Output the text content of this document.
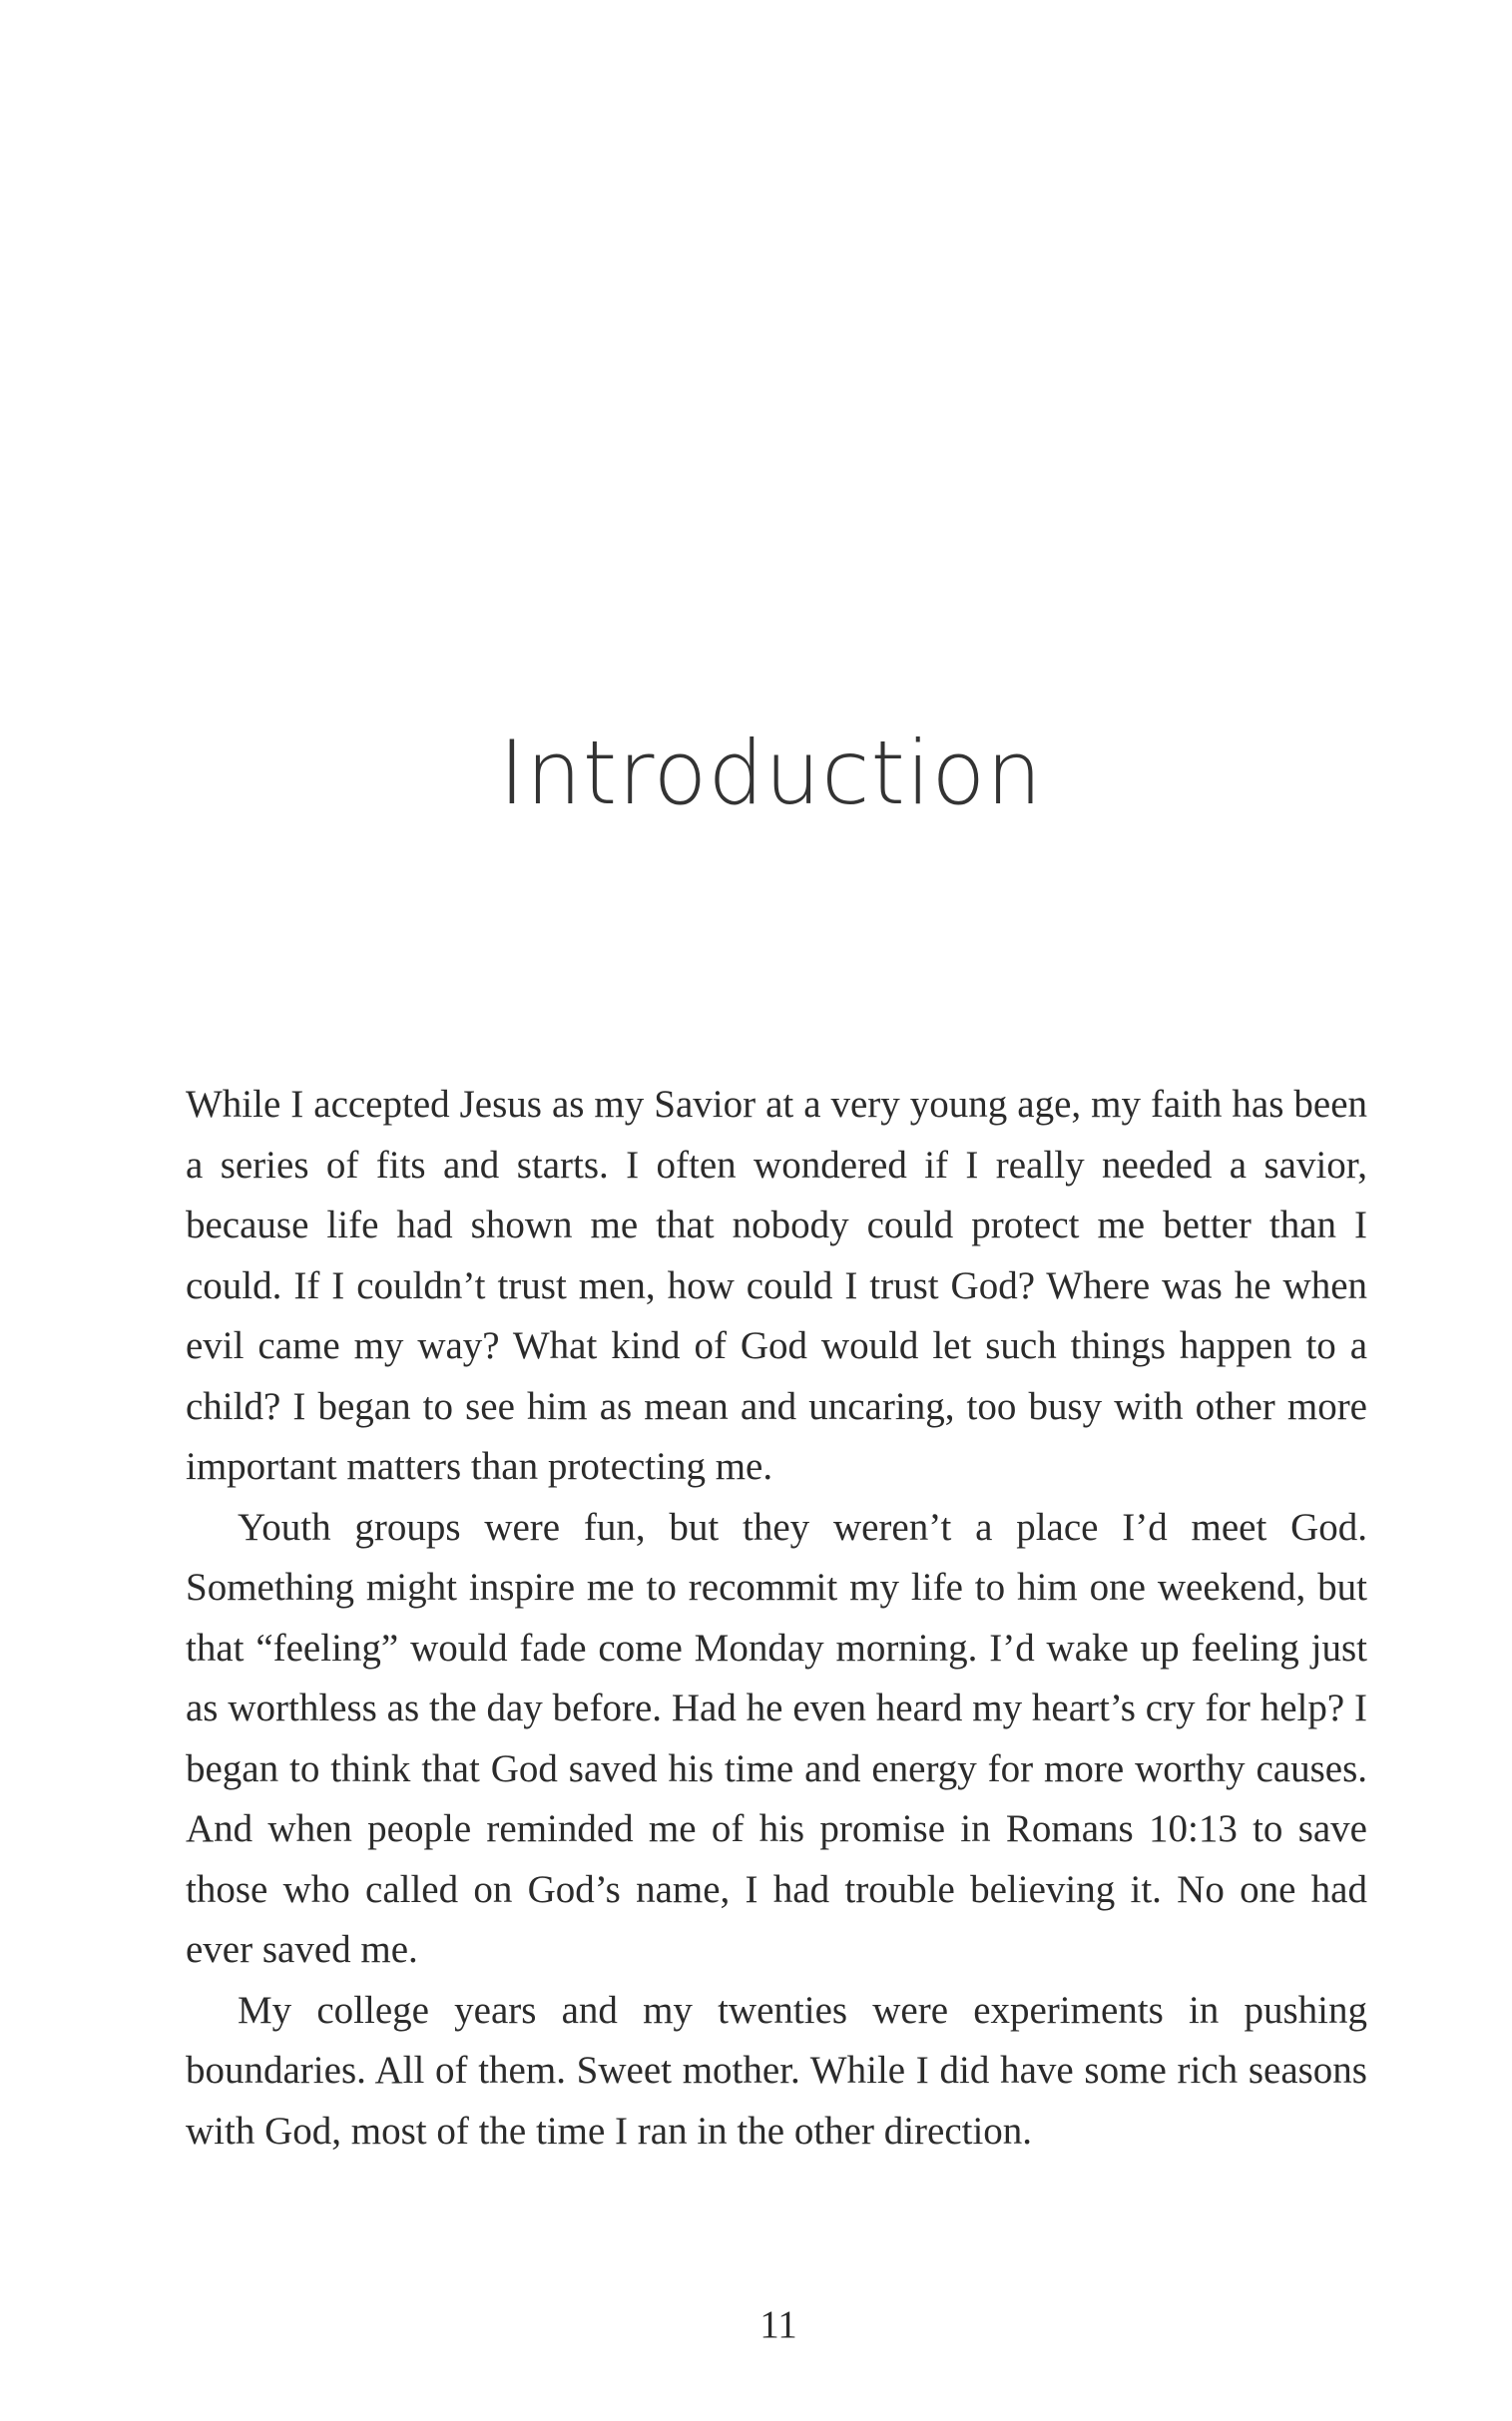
Introduction

While I accepted Jesus as my Savior at a very young age, my faith has been a series of fits and starts. I often wondered if I really needed a savior, because life had shown me that nobody could protect me better than I could. If I couldn’t trust men, how could I trust God? Where was he when evil came my way? What kind of God would let such things happen to a child? I began to see him as mean and uncaring, too busy with other more important matters than protecting me.

Youth groups were fun, but they weren’t a place I’d meet God. Something might inspire me to recommit my life to him one weekend, but that “feeling” would fade come Monday morning. I’d wake up feeling just as worthless as the day before. Had he even heard my heart’s cry for help? I began to think that God saved his time and energy for more worthy causes. And when people reminded me of his promise in Romans 10:13 to save those who called on God’s name, I had trouble believing it. No one had ever saved me.

My college years and my twenties were experiments in pushing boundaries. All of them. Sweet mother. While I did have some rich seasons with God, most of the time I ran in the other direction.

11
